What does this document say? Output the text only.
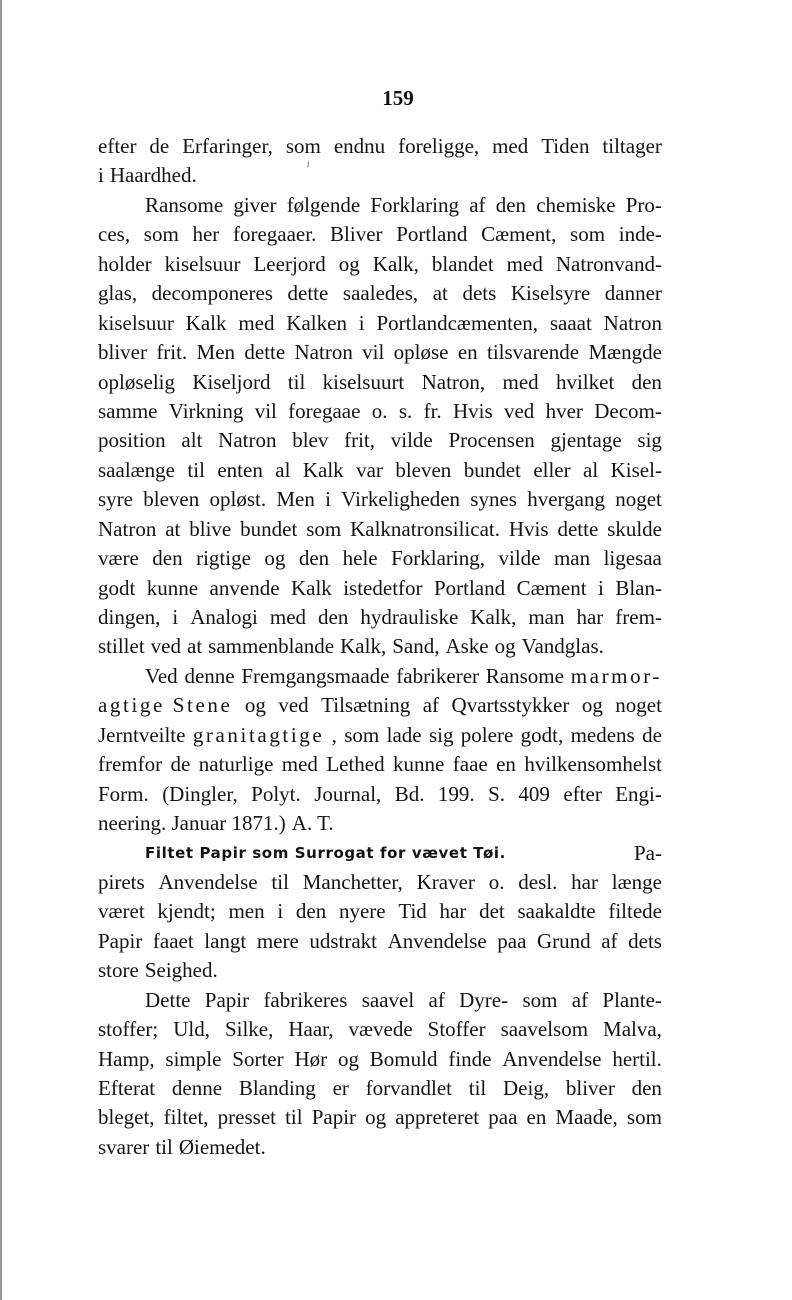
159
efter de Erfaringer, som endnu foreligge, med Tiden tiltager
i Haardhed.
Ransome giver følgende Forklaring af den chemiske Pro-
ces, som her foregaaer. Bliver Portland Cæment, som inde-
holder kiselsuur Leerjord og Kalk, blandet med Natronvand-
glas, decomponeres dette saaledes, at dets Kiselsyre danner
kiselsuur Kalk med Kalken i Portlandcæmenten, saaat Natron
bliver frit. Men dette Natron vil opløse en tilsvarende Mængde
opløselig Kiseljord til kiselsuurt Natron, med hvilket den
samme Virkning vil foregaae o. s. fr. Hvis ved hver Decom-
position alt Natron blev frit, vilde Procensen gjentage sig
saalænge til enten al Kalk var bleven bundet eller al Kisel-
syre bleven opløst. Men i Virkeligheden synes hvergang noget
Natron at blive bundet som Kalknatronsilicat. Hvis dette skulde
være den rigtige og den hele Forklaring, vilde man ligesaa
godt kunne anvende Kalk istedetfor Portland Cæment i Blan-
dingen, i Analogi med den hydrauliske Kalk, man har frem-
stillet ved at sammenblande Kalk, Sand, Aske og Vandglas.
Ved denne Fremgangsmaade fabrikerer Ransome marmor-
agtige Stene og ved Tilsætning af Qvartsstykker og noget
Jerntveilte granitagtige , som lade sig polere godt, medens de
fremfor de naturlige med Lethed kunne faae en hvilkensomhelst
Form. (Dingler, Polyt. Journal, Bd. 199. S. 409 efter Engi-
neering. Januar 1871.) A. T.
Filtet Papir som Surrogat for vævet Tøi.	Pa-
pirets Anvendelse til Manchetter, Kraver o. desl. har længe
været kjendt; men i den nyere Tid har det saakaldte filtede
Papir faaet langt mere udstrakt Anvendelse paa Grund af dets
store Seighed.
Dette Papir fabrikeres saavel af Dyre- som af Plante-
stoffer; Uld, Silke, Haar, vævede Stoffer saavelsom Malva,
Hamp, simple Sorter Hør og Bomuld finde Anvendelse hertil.
Efterat denne Blanding er forvandlet til Deig, bliver den
bleget, filtet, presset til Papir og appreteret paa en Maade, som
svarer til Øiemedet.
ʲ
